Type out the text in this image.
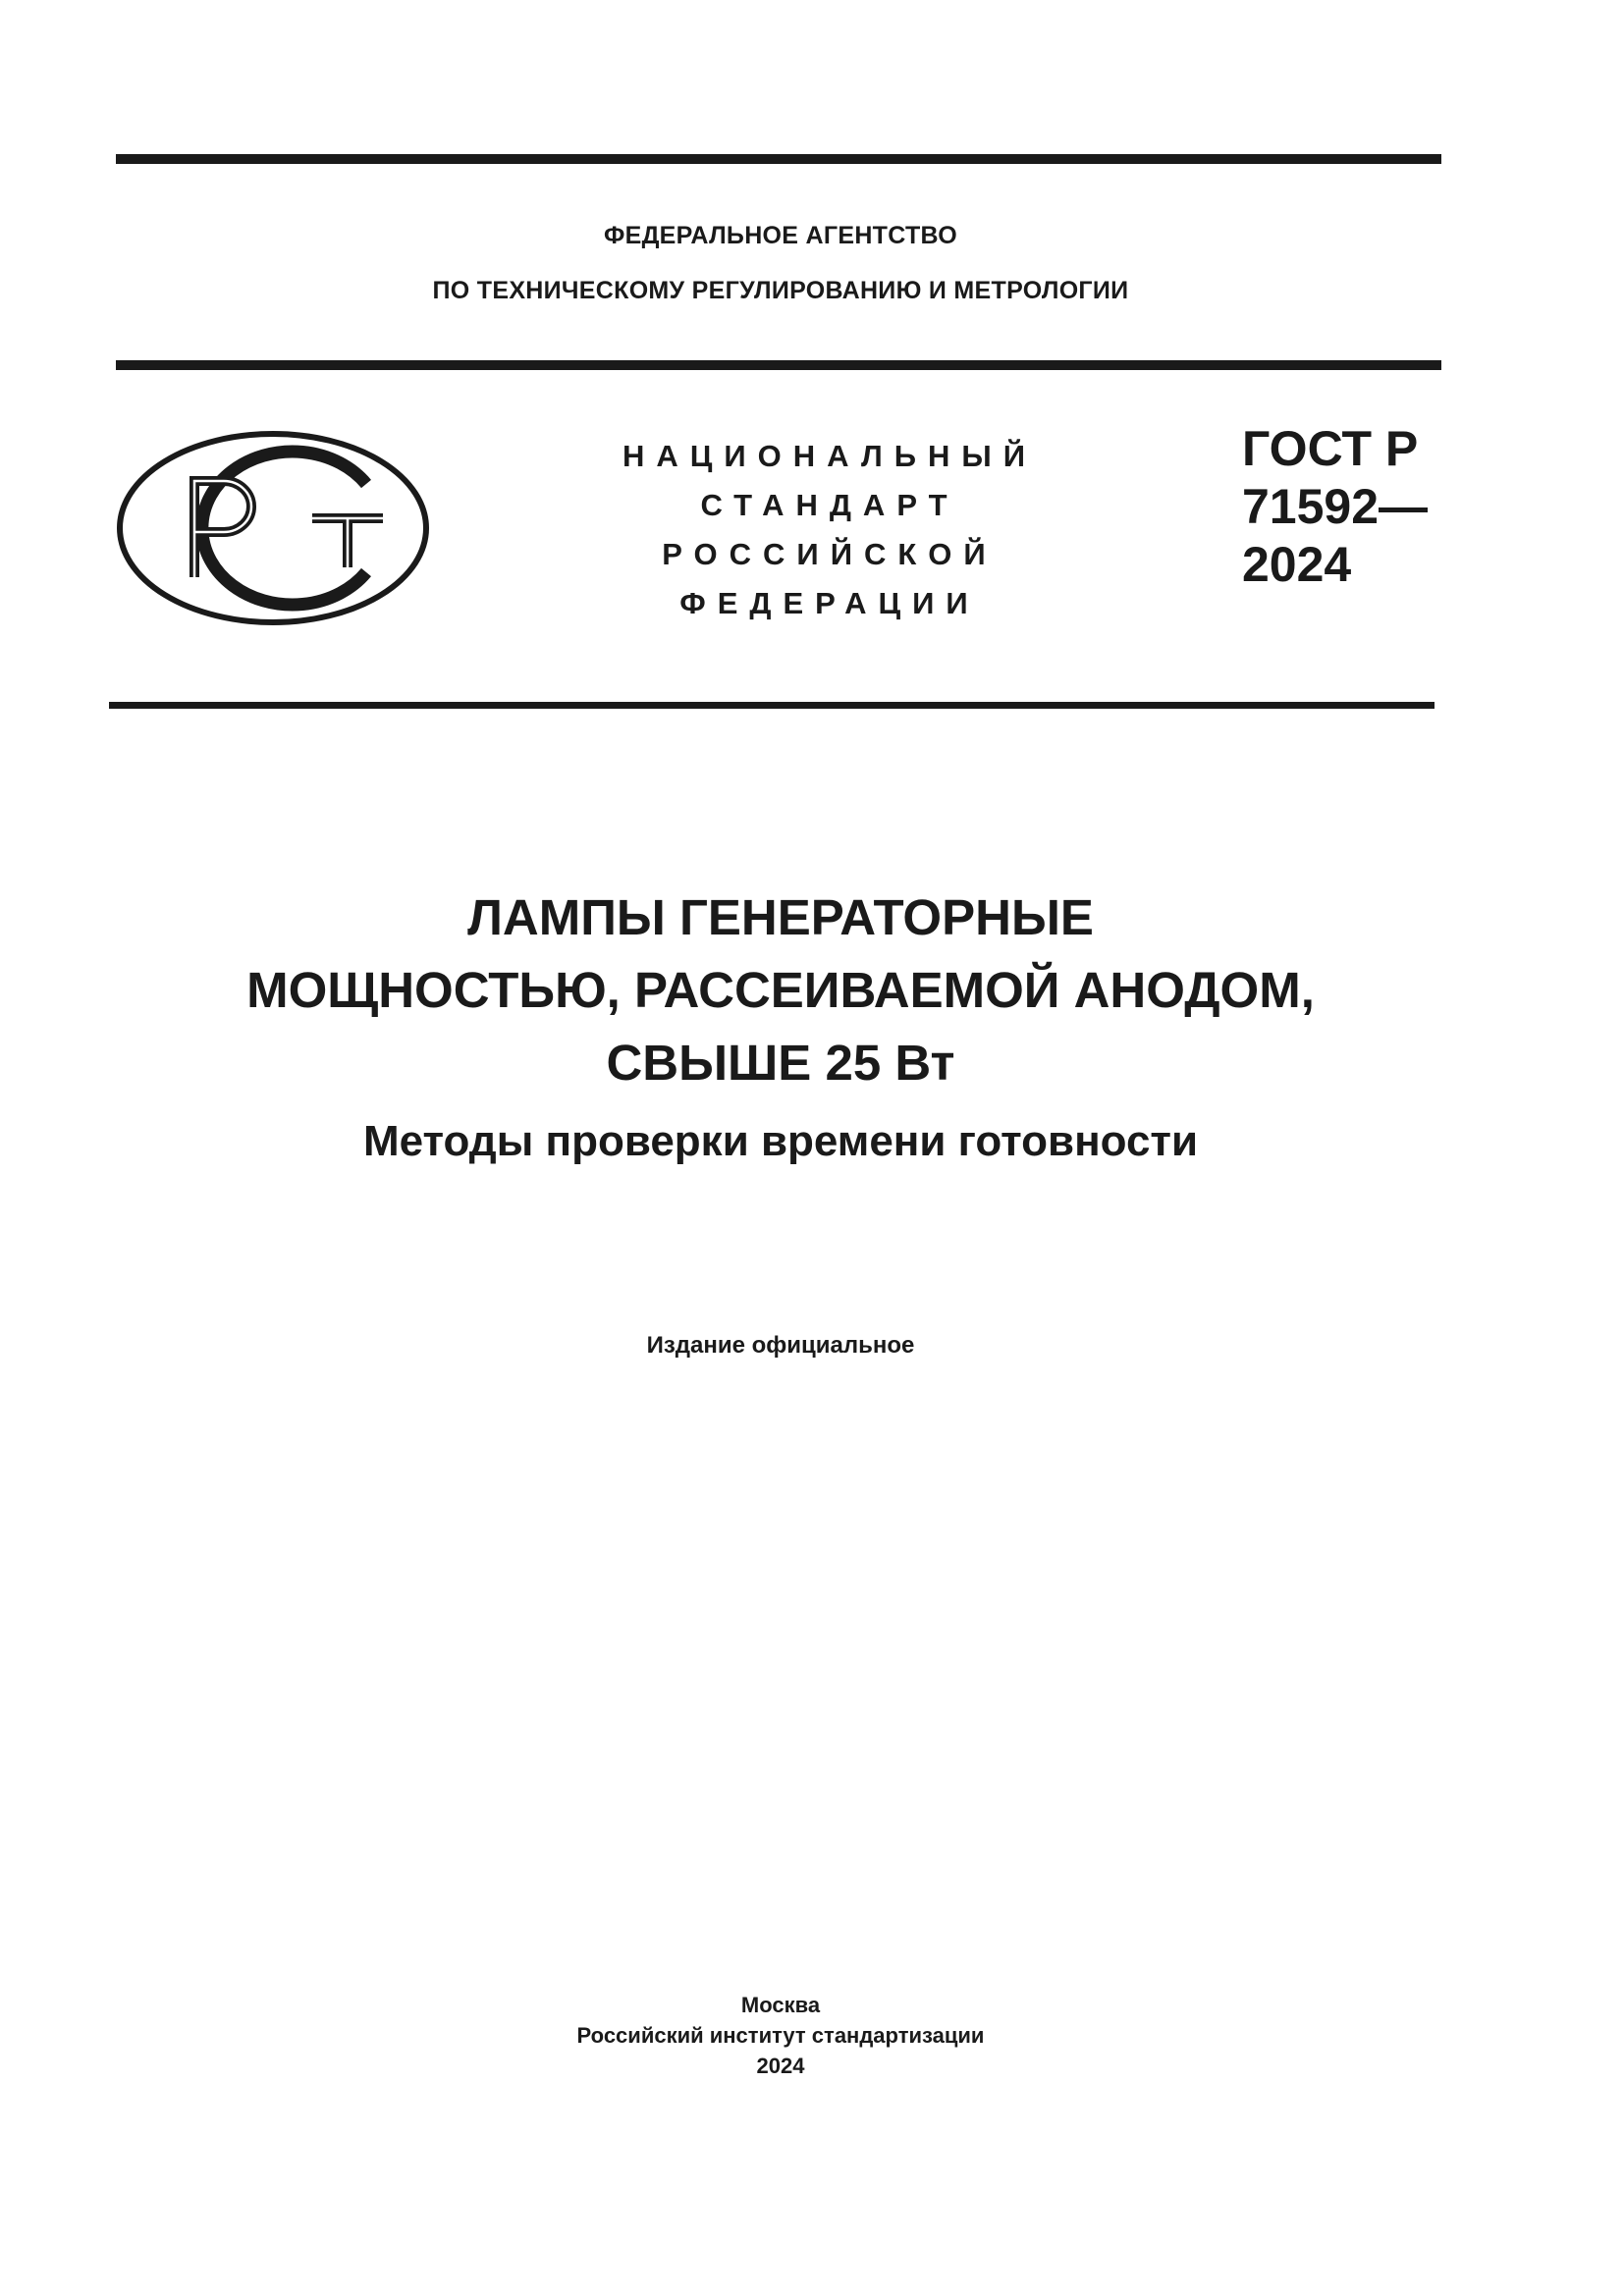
ФЕДЕРАЛЬНОЕ АГЕНТСТВО
ПО ТЕХНИЧЕСКОМУ РЕГУЛИРОВАНИЮ И МЕТРОЛОГИИ
НАЦИОНАЛЬНЫЙ
СТАНДАРТ
РОССИЙСКОЙ
ФЕДЕРАЦИИ
ГОСТ Р
71592—
2024
ЛАМПЫ ГЕНЕРАТОРНЫЕ
МОЩНОСТЬЮ, РАССЕИВАЕМОЙ АНОДОМ,
СВЫШЕ 25 Вт
Методы проверки времени готовности
Издание официальное
Москва
Российский институт стандартизации
2024
